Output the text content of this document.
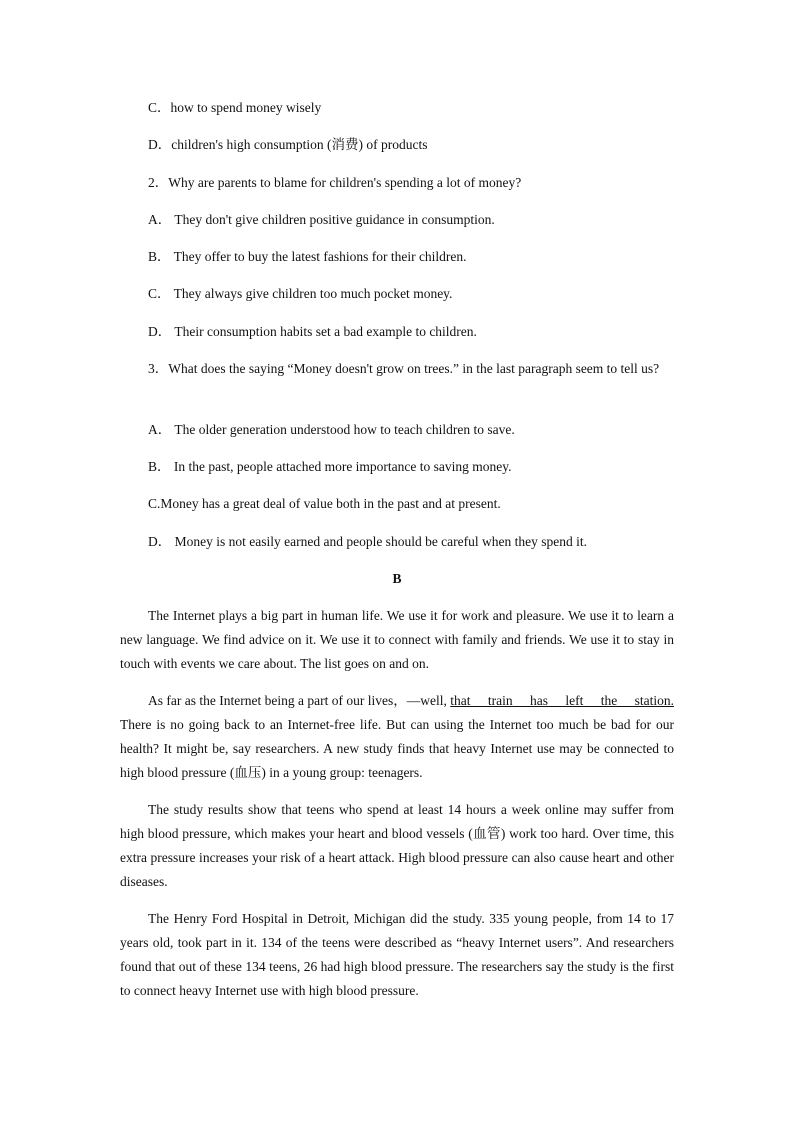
C．how to spend money wisely
D．children's high consumption (消费) of products
2．Why are parents to blame for children's spending a lot of money?
A． They don't give children positive guidance in consumption.
B． They offer to buy the latest fashions for their children.
C． They always give children too much pocket money.
D． Their consumption habits set a bad example to children.
3．What does the saying “Money doesn't grow on trees.” in the last paragraph seem to tell us?
A． The older generation understood how to teach children to save.
B． In the past, people attached more importance to saving money.
C.Money has a great deal of value both in the past and at present.
D． Money is not easily earned and people should be careful when they spend it.
B

The Internet plays a big part in human life. We use it for work and pleasure. We use it to learn a new language. We find advice on it. We use it to connect with family and friends. We use it to stay in touch with events we care about. The list goes on and on.

As far as the Internet being a part of our lives，—well, that train has left the station. There is no going back to an Internet-free life. But can using the Internet too much be bad for our health? It might be, say researchers. A new study finds that heavy Internet use may be connected to high blood pressure (血压) in a young group: teenagers.

The study results show that teens who spend at least 14 hours a week online may suffer from high blood pressure, which makes your heart and blood vessels (血管) work too hard. Over time, this extra pressure increases your risk of a heart attack. High blood pressure can also cause heart and other diseases.

The Henry Ford Hospital in Detroit, Michigan did the study. 335 young people, from 14 to 17 years old, took part in it. 134 of the teens were described as “heavy Internet users”. And researchers found that out of these 134 teens, 26 had high blood pressure. The researchers say the study is the first to connect heavy Internet use with high blood pressure.
